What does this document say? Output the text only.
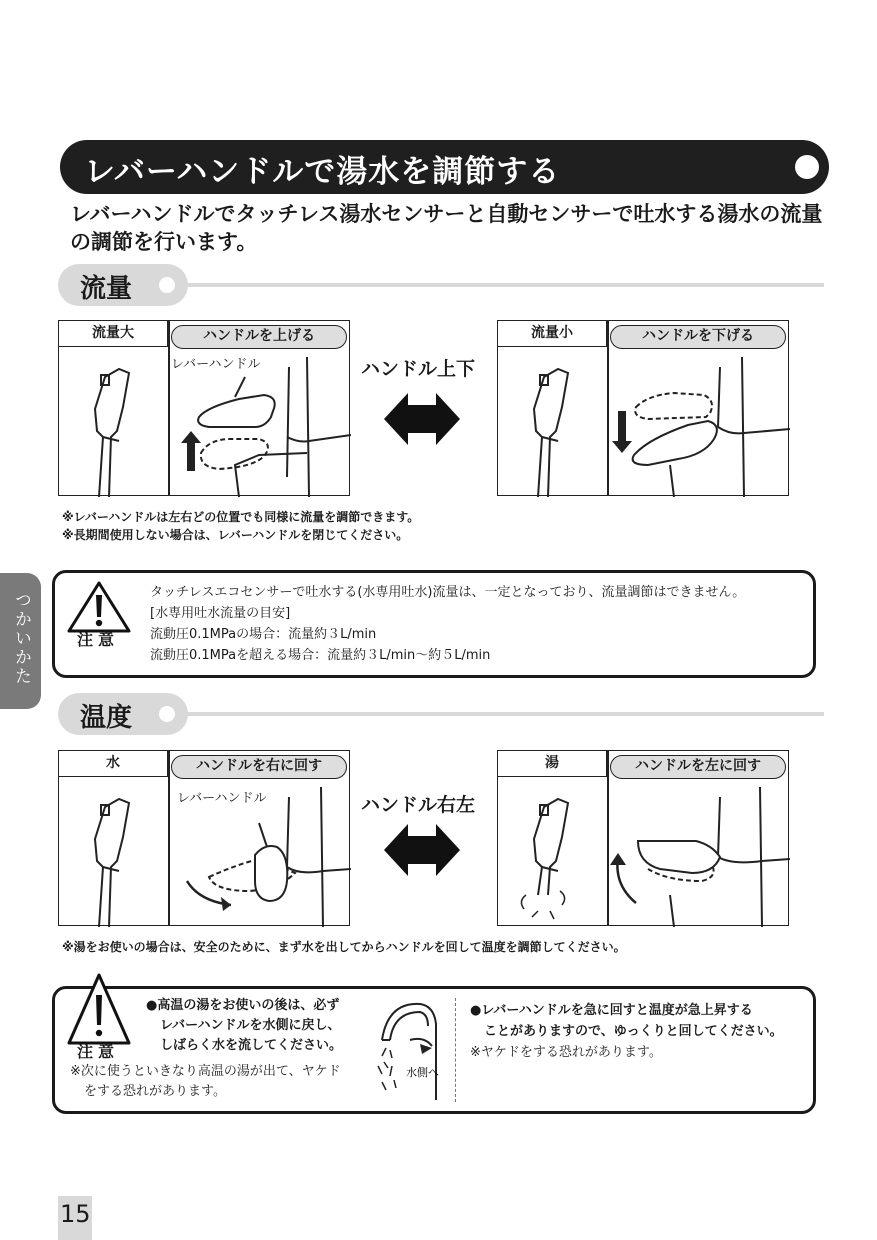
レバーハンドルで湯水を調節する
レバーハンドルでタッチレス湯水センサーと自動センサーで吐水する湯水の流量の調節を行います。
流量
流量大	ハンドルを上げる
レバーハンドル	ハンドル上下
流量小	ハンドルを下げる
※レバーハンドルは左右どの位置でも同様に流量を調節できます。
※長期間使用しない場合は、レバーハンドルを閉じてください。
つかいかた	注意
タッチレスエコセンサーで吐水する(水専用吐水)流量は、一定となっており、流量調節はできません。
[水専用吐水流量の目安]
流動圧0.1MPaの場合：流量約３L/min
流動圧0.1MPaを超える場合：流量約３L/min〜約５L/min
温度
水	ハンドルを右に回す
レバーハンドル	ハンドル右左
湯	ハンドルを左に回す
※湯をお使いの場合は、安全のために、まず水を出してからハンドルを回して温度を調節してください。
注意
●高温の湯をお使いの後は、必ず
レバーハンドルを水側に戻し、
しばらく水を流してください。
※次に使うといきなり高温の湯が出て、ヤケド
をする恐れがあります。
水側へ
●レバーハンドルを急に回すと温度が急上昇する
ことがありますので、ゆっくりと回してください。
※ヤケドをする恐れがあります。
15
